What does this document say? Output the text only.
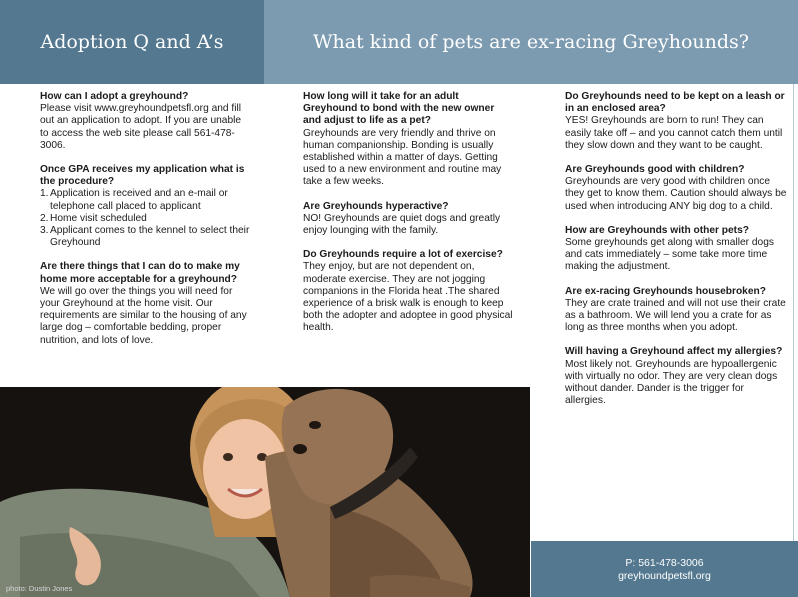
Adoption Q and A’s	What kind of pets are ex-racing Greyhounds?
How can I adopt a greyhound?
Please visit www.greyhoundpetsfl.org and fill out an application to adopt. If you are unable to access the web site please call 561-478-3006.
Once GPA receives my application what is the procedure?
1. Application is received and an e-mail or telephone call placed to applicant
2. Home visit scheduled
3. Applicant comes to the kennel to select their Greyhound
Are there things that I can do to make my home more acceptable for a greyhound?
We will go over the things you will need for your Greyhound at the home visit. Our requirements are similar to the housing of any large dog – comfortable bedding, proper nutrition, and lots of love.
How long will it take for an adult Greyhound to bond with the new owner and adjust to life as a pet?
Greyhounds are very friendly and thrive on human companionship. Bonding is usually established within a matter of days. Getting used to a new environment and routine may take a few weeks.
Are Greyhounds hyperactive?
NO! Greyhounds are quiet dogs and greatly enjoy lounging with the family.
Do Greyhounds require a lot of exercise?
They enjoy, but are not dependent on, moderate exercise. They are not jogging companions in the Florida heat .The shared experience of a brisk walk is enough to keep both the adopter and adoptee in good physical health.
Do Greyhounds need to be kept on a leash or in an enclosed area?
YES! Greyhounds are born to run! They can easily take off – and you cannot catch them until they slow down and they want to be caught.
Are Greyhounds good with children?
Greyhounds are very good with children once they get to know them. Caution should always be used when introducing ANY big dog to a child.
How are Greyhounds with other pets?
Some greyhounds get along with smaller dogs and cats immediately – some take more time making the adjustment.
Are ex-racing Greyhounds housebroken?
They are crate trained and will not use their crate as a bathroom. We will lend you a crate for as long as three months when you adopt.
Will having a Greyhound affect my allergies?
Most likely not. Greyhounds are hypoallergenic with virtually no odor. They are very clean dogs without dander. Dander is the trigger for allergies.
photo: Dustin Jones
P: 561-478-3006
greyhoundpetsfl.org
